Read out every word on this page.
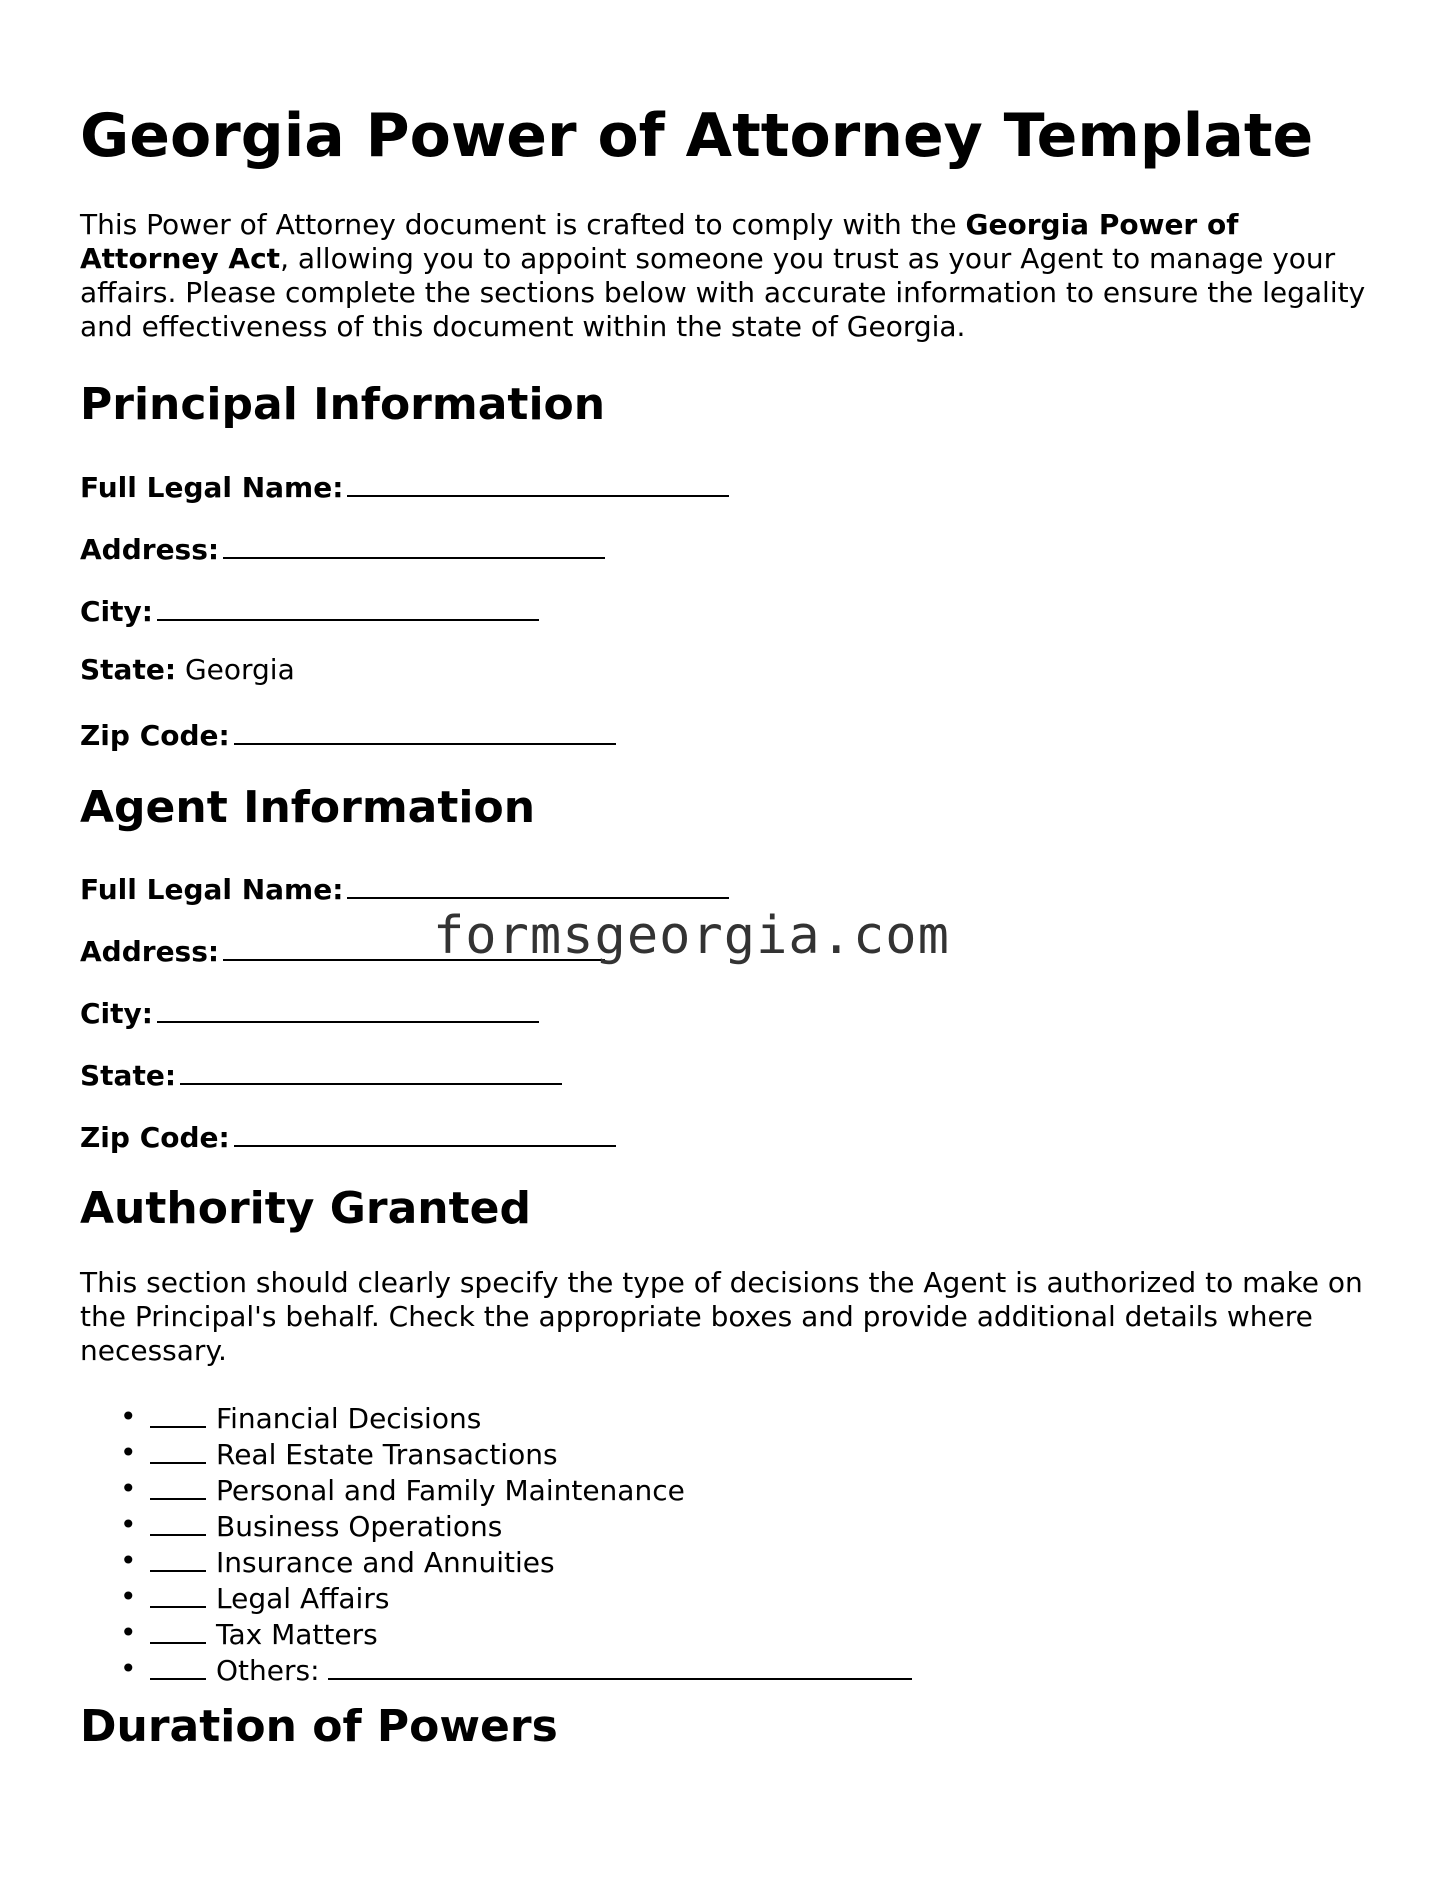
Georgia Power of Attorney Template

This Power of Attorney document is crafted to comply with the Georgia Power of Attorney Act, allowing you to appoint someone you trust as your Agent to manage your affairs. Please complete the sections below with accurate information to ensure the legality and effectiveness of this document within the state of Georgia.

Principal Information

Full Legal Name:

Address:

City:

State: Georgia

Zip Code:

Agent Information

Full Legal Name:

Address:

City:

State:

Zip Code:

Authority Granted

This section should clearly specify the type of decisions the Agent is authorized to make on the Principal's behalf. Check the appropriate boxes and provide additional details where necessary.

•	Financial Decisions
•	Real Estate Transactions
•	Personal and Family Maintenance
•	Business Operations
•	Insurance and Annuities
•	Legal Affairs
•	Tax Matters
•	Others:
Duration of Powers
formsgeorgia.com
